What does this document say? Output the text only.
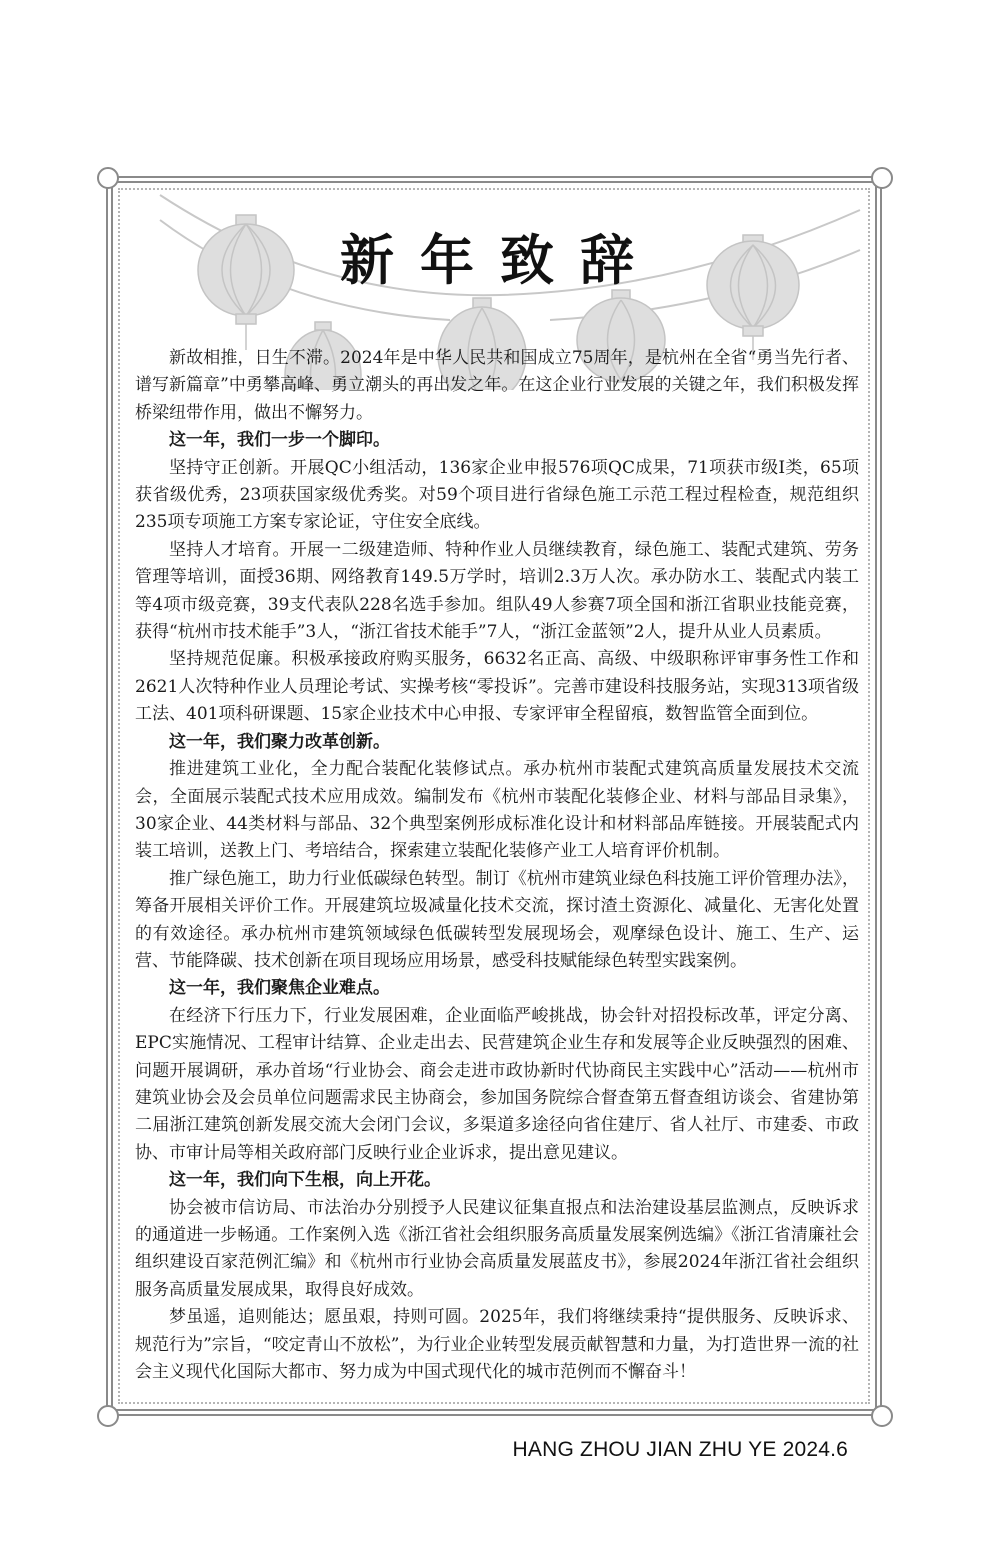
新年致辞

新故相推，日生不滞。2024年是中华人民共和国成立75周年，是杭州在全省“勇当先行者、谱写新篇章”中勇攀高峰、勇立潮头的再出发之年。在这企业行业发展的关键之年，我们积极发挥桥梁纽带作用，做出不懈努力。

这一年，我们一步一个脚印。

坚持守正创新。开展QC小组活动，136家企业申报576项QC成果，71项获市级Ⅰ类，65项获省级优秀，23项获国家级优秀奖。对59个项目进行省绿色施工示范工程过程检查，规范组织235项专项施工方案专家论证，守住安全底线。

坚持人才培育。开展一二级建造师、特种作业人员继续教育，绿色施工、装配式建筑、劳务管理等培训，面授36期、网络教育149.5万学时，培训2.3万人次。承办防水工、装配式内装工等4项市级竞赛，39支代表队228名选手参加。组队49人参赛7项全国和浙江省职业技能竞赛，获得“杭州市技术能手”3人，“浙江省技术能手”7人，“浙江金蓝领”2人，提升从业人员素质。

坚持规范促廉。积极承接政府购买服务，6632名正高、高级、中级职称评审事务性工作和2621人次特种作业人员理论考试、实操考核“零投诉”。完善市建设科技服务站，实现313项省级工法、401项科研课题、15家企业技术中心申报、专家评审全程留痕，数智监管全面到位。

这一年，我们聚力改革创新。

推进建筑工业化，全力配合装配化装修试点。承办杭州市装配式建筑高质量发展技术交流会，全面展示装配式技术应用成效。编制发布《杭州市装配化装修企业、材料与部品目录集》，30家企业、44类材料与部品、32个典型案例形成标准化设计和材料部品库链接。开展装配式内装工培训，送教上门、考培结合，探索建立装配化装修产业工人培育评价机制。

推广绿色施工，助力行业低碳绿色转型。制订《杭州市建筑业绿色科技施工评价管理办法》，筹备开展相关评价工作。开展建筑垃圾减量化技术交流，探讨渣土资源化、减量化、无害化处置的有效途径。承办杭州市建筑领域绿色低碳转型发展现场会，观摩绿色设计、施工、生产、运营、节能降碳、技术创新在项目现场应用场景，感受科技赋能绿色转型实践案例。

这一年，我们聚焦企业难点。

在经济下行压力下，行业发展困难，企业面临严峻挑战，协会针对招投标改革，评定分离、EPC实施情况、工程审计结算、企业走出去、民营建筑企业生存和发展等企业反映强烈的困难、问题开展调研，承办首场“行业协会、商会走进市政协新时代协商民主实践中心”活动——杭州市建筑业协会及会员单位问题需求民主协商会，参加国务院综合督查第五督查组访谈会、省建协第二届浙江建筑创新发展交流大会闭门会议，多渠道多途径向省住建厅、省人社厅、市建委、市政协、市审计局等相关政府部门反映行业企业诉求，提出意见建议。

这一年，我们向下生根，向上开花。

协会被市信访局、市法治办分别授予人民建议征集直报点和法治建设基层监测点，反映诉求的通道进一步畅通。工作案例入选《浙江省社会组织服务高质量发展案例选编》《浙江省清廉社会组织建设百家范例汇编》和《杭州市行业协会高质量发展蓝皮书》，参展2024年浙江省社会组织服务高质量发展成果，取得良好成效。

梦虽遥，追则能达；愿虽艰，持则可圆。2025年，我们将继续秉持“提供服务、反映诉求、规范行为”宗旨，“咬定青山不放松”，为行业企业转型发展贡献智慧和力量，为打造世界一流的社会主义现代化国际大都市、努力成为中国式现代化的城市范例而不懈奋斗！

HANG ZHOU JIAN ZHU YE 2024.6
